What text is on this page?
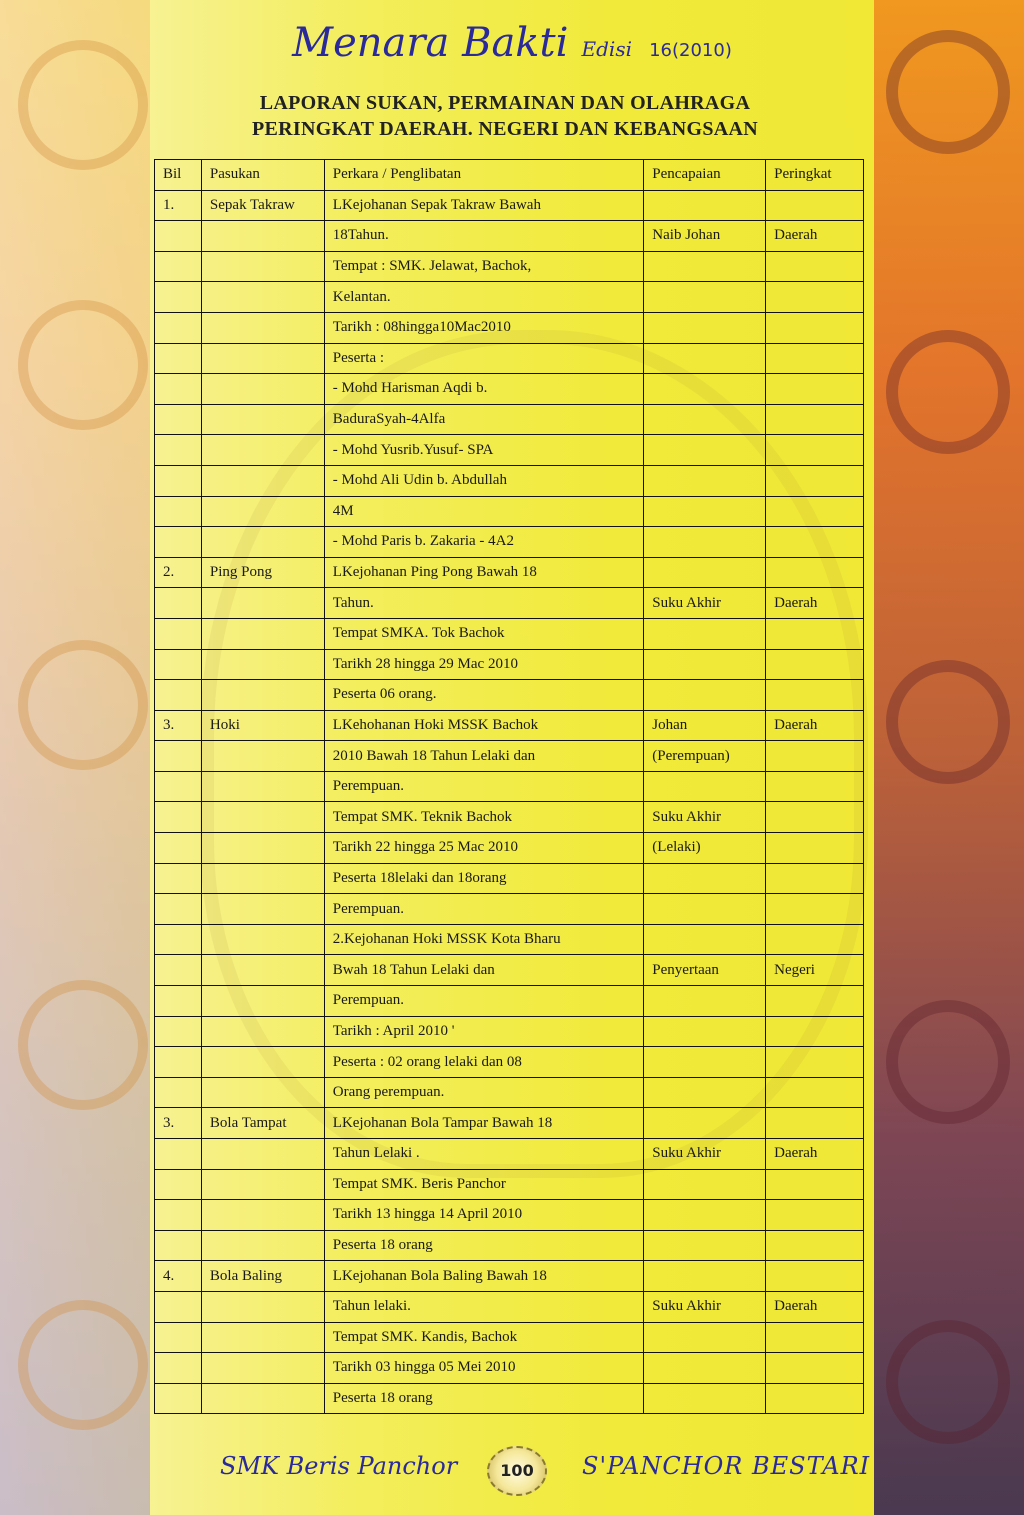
Menara Bakti Edisi 16(2010)
LAPORAN SUKAN, PERMAINAN DAN OLAHRAGA
PERINGKAT DAERAH. NEGERI DAN KEBANGSAAN
Bil	Pasukan	Perkara / Penglibatan	Pencapaian	Peringkat
1.	Sepak Takraw	LKejohanan Sepak Takraw Bawah		
		18Tahun.	Naib Johan	Daerah
		Tempat : SMK. Jelawat, Bachok,		
		Kelantan.		
		Tarikh : 08hingga10Mac2010		
		Peserta :		
		- Mohd Harisman Aqdi b.		
		BaduraSyah-4Alfa		
		- Mohd Yusrib.Yusuf- SPA		
		- Mohd Ali Udin b. Abdullah		
		4M		
		- Mohd Paris b. Zakaria - 4A2		
2.	Ping Pong	LKejohanan Ping Pong Bawah 18		
		Tahun.	Suku Akhir	Daerah
		Tempat SMKA. Tok Bachok		
		Tarikh 28 hingga 29 Mac 2010		
		Peserta 06 orang.		
3.	Hoki	LKehohanan Hoki MSSK Bachok	Johan	Daerah
		2010 Bawah 18 Tahun Lelaki dan	(Perempuan)	
		Perempuan.		
		Tempat SMK. Teknik Bachok	Suku Akhir	
		Tarikh 22 hingga 25 Mac 2010	(Lelaki)	
		Peserta 18lelaki dan 18orang		
		Perempuan.		
		2.Kejohanan Hoki MSSK Kota Bharu		
		Bwah 18 Tahun Lelaki dan	Penyertaan	Negeri
		Perempuan.		
		Tarikh : April 2010 '		
		Peserta : 02 orang lelaki dan 08		
		Orang perempuan.		
3.	Bola Tampat	LKejohanan Bola Tampar Bawah 18		
		Tahun Lelaki .	Suku Akhir	Daerah
		Tempat SMK. Beris Panchor		
		Tarikh 13 hingga 14 April 2010		
		Peserta 18 orang		
4.	Bola Baling	LKejohanan Bola Baling Bawah 18		
		Tahun lelaki.	Suku Akhir	Daerah
		Tempat SMK. Kandis, Bachok		
		Tarikh 03 hingga 05 Mei 2010		
		Peserta 18 orang		
SMK Beris Panchor	100	S'PANCHOR BESTARI
